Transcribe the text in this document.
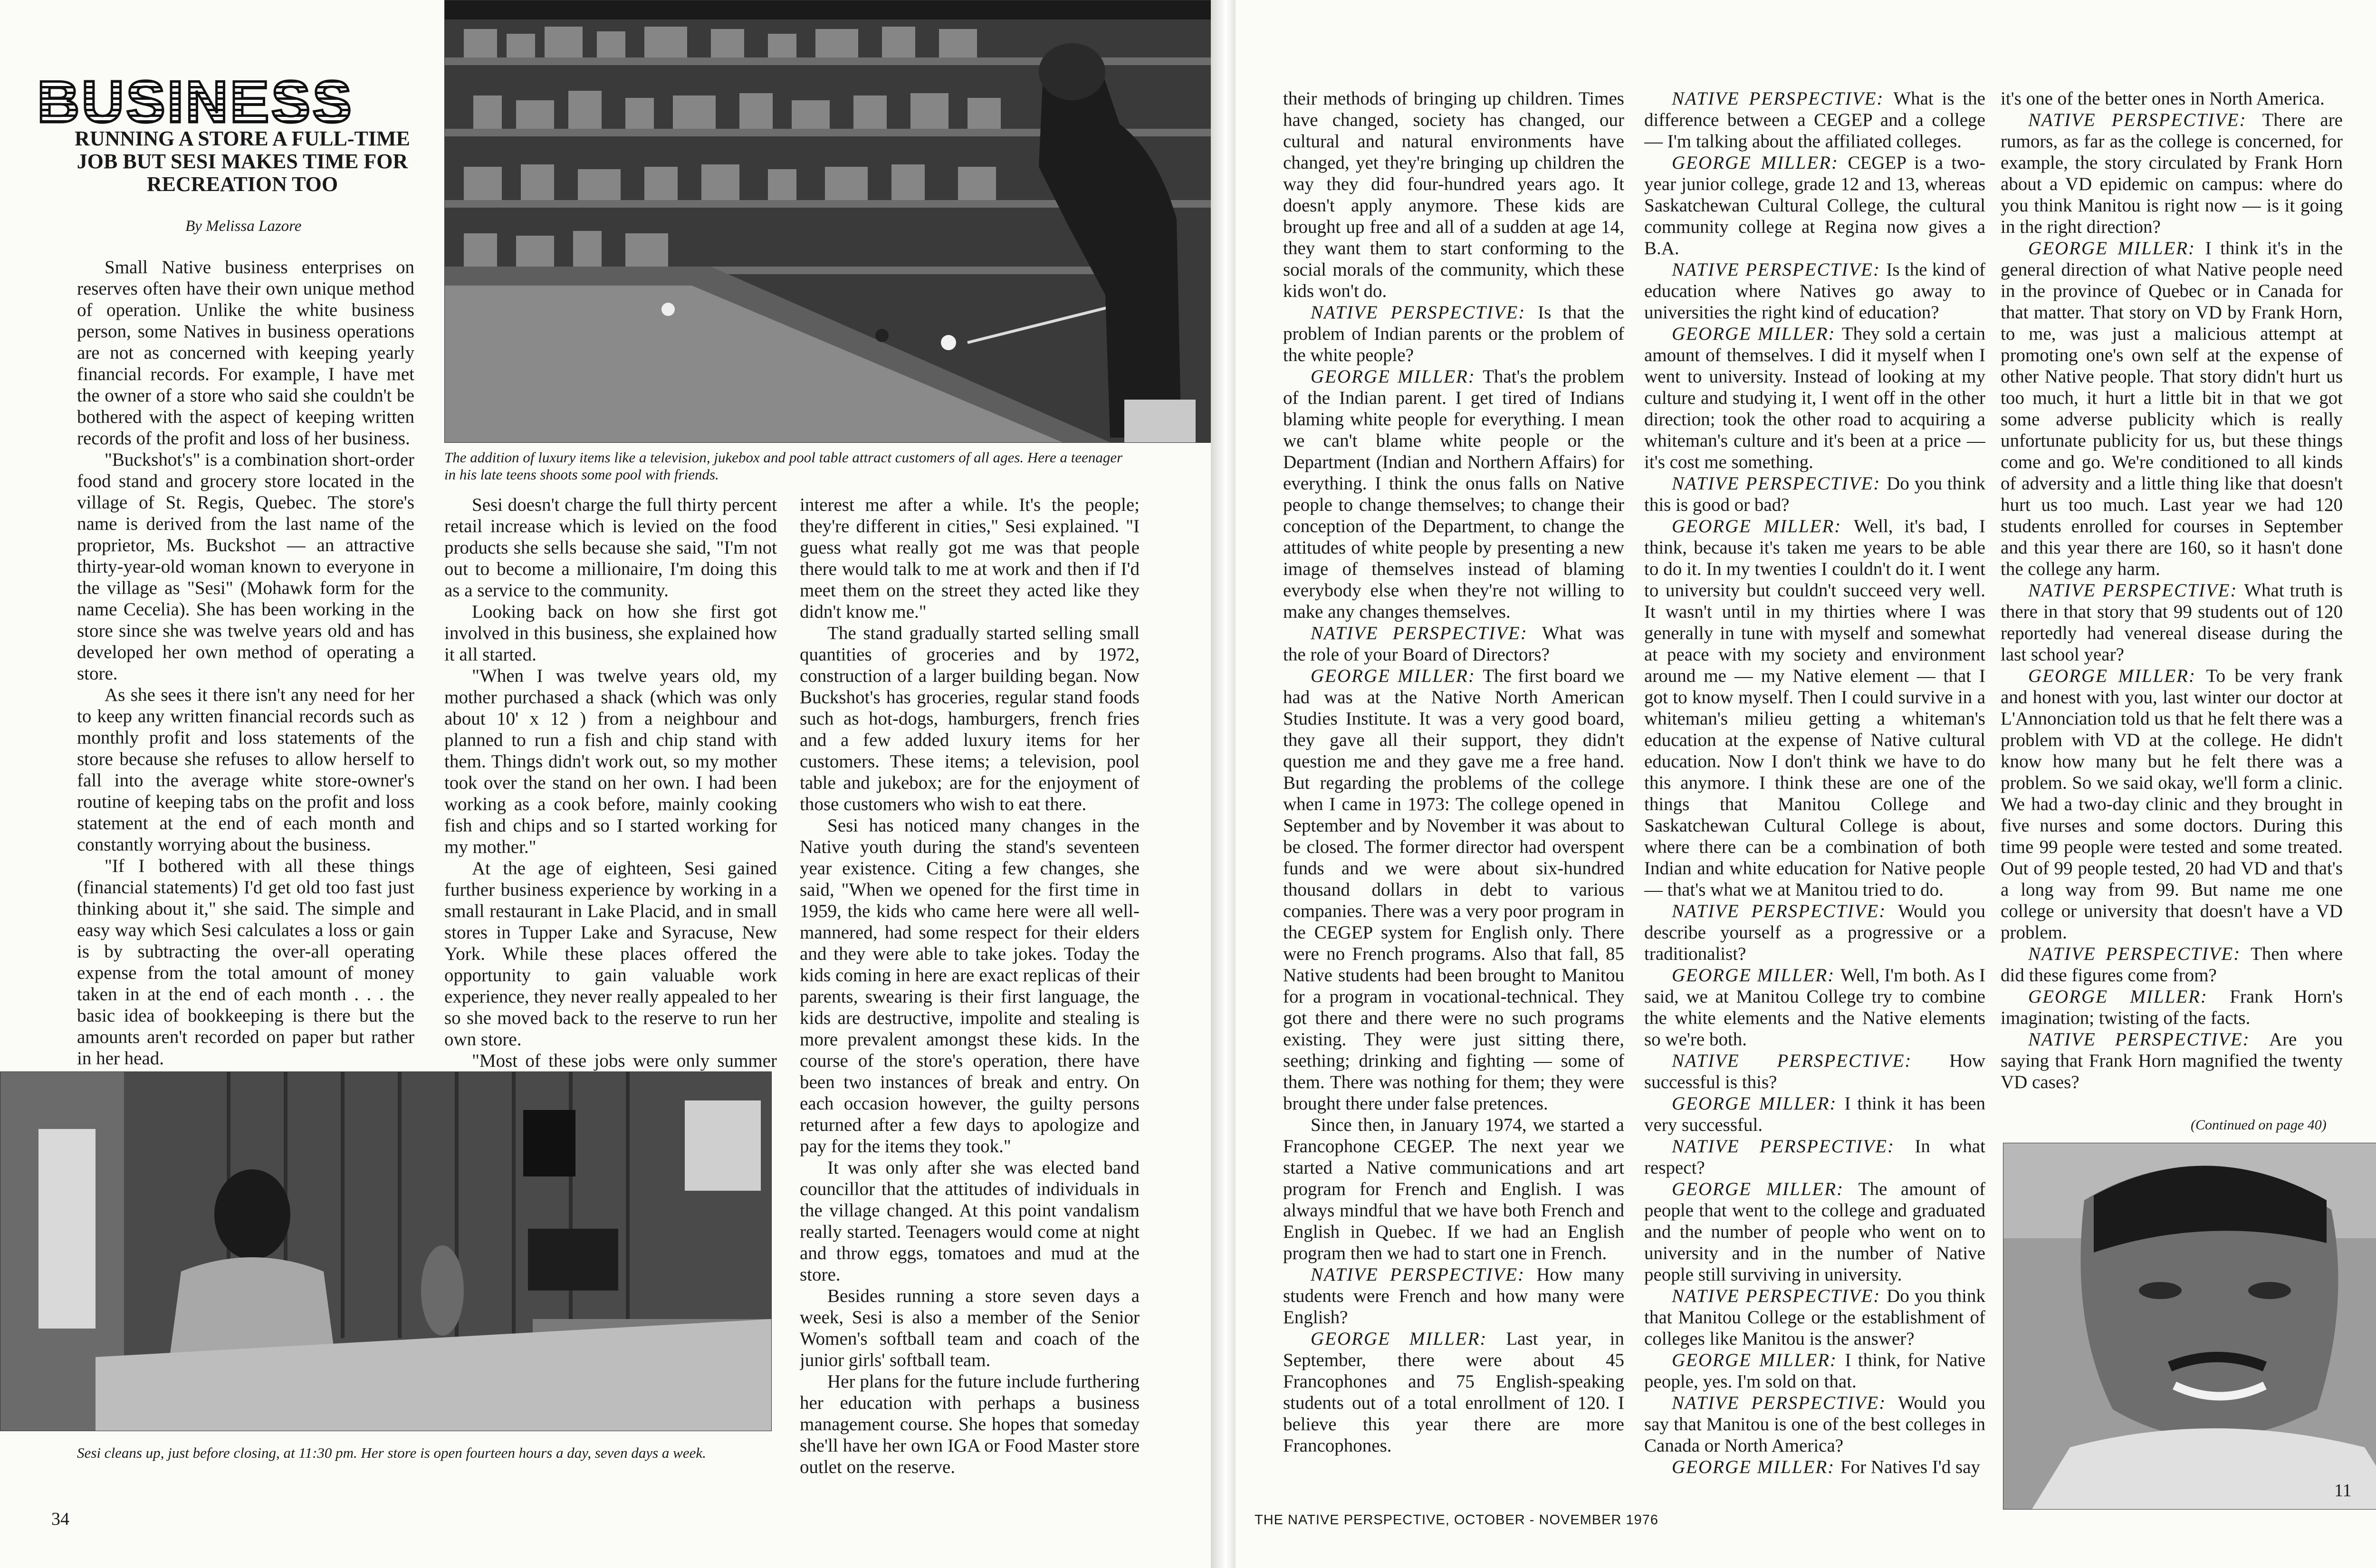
BUSINESS
RUNNING A STORE A FULL-TIME JOB BUT SESI MAKES TIME FOR RECREATION TOO
By Melissa Lazore

Small Native business enterprises on reserves often have their own unique method of operation. Unlike the white business person, some Natives in business operations are not as concerned with keeping yearly financial records. For example, I have met the owner of a store who said she couldn't be bothered with the aspect of keeping written records of the profit and loss of her business.

"Buckshot's" is a combination short-order food stand and grocery store located in the village of St. Regis, Quebec. The store's name is derived from the last name of the proprietor, Ms. Buckshot — an attractive thirty-year-old woman known to everyone in the village as "Sesi" (Mohawk form for the name Cecelia). She has been working in the store since she was twelve years old and has developed her own method of operating a store.

As she sees it there isn't any need for her to keep any written financial records such as monthly profit and loss statements of the store because she refuses to allow herself to fall into the average white store-owner's routine of keeping tabs on the profit and loss statement at the end of each month and constantly worrying about the business.

"If I bothered with all these things (financial statements) I'd get old too fast just thinking about it," she said. The simple and easy way which Sesi calculates a loss or gain is by subtracting the over-all operating expense from the total amount of money taken in at the end of each month . . . the basic idea of bookkeeping is there but the amounts aren't recorded on paper but rather in her head.

The addition of luxury items like a television, jukebox and pool table attract customers of all ages. Here a teenager in his late teens shoots some pool with friends.

Sesi doesn't charge the full thirty percent retail increase which is levied on the food products she sells because she said, "I'm not out to become a millionaire, I'm doing this as a service to the community.

Looking back on how she first got involved in this business, she explained how it all started.

"When I was twelve years old, my mother purchased a shack (which was only about 10' x 12 ) from a neighbour and planned to run a fish and chip stand with them. Things didn't work out, so my mother took over the stand on her own. I had been working as a cook before, mainly cooking fish and chips and so I started working for my mother."

At the age of eighteen, Sesi gained further business experience by working in a small restaurant in Lake Placid, and in small stores in Tupper Lake and Syracuse, New York. While these places offered the opportunity to gain valuable work experience, they never really appealed to her so she moved back to the reserve to run her own store.

"Most of these jobs were only summer

interest me after a while. It's the people; they're different in cities," Sesi explained. "I guess what really got me was that people there would talk to me at work and then if I'd meet them on the street they acted like they didn't know me."

The stand gradually started selling small quantities of groceries and by 1972, construction of a larger building began. Now Buckshot's has groceries, regular stand foods such as hot-dogs, hamburgers, french fries and a few added luxury items for her customers. These items; a television, pool table and jukebox; are for the enjoyment of those customers who wish to eat there.

Sesi has noticed many changes in the Native youth during the stand's seventeen year existence. Citing a few changes, she said, "When we opened for the first time in 1959, the kids who came here were all well-mannered, had some respect for their elders and they were able to take jokes. Today the kids coming in here are exact replicas of their parents, swearing is their first language, the kids are destructive, impolite and stealing is more prevalent amongst these kids. In the course of the store's operation, there have been two instances of break and entry. On each occasion however, the guilty persons returned after a few days to apologize and pay for the items they took."

It was only after she was elected band councillor that the attitudes of individuals in the village changed. At this point vandalism really started. Teenagers would come at night and throw eggs, tomatoes and mud at the store.

Besides running a store seven days a week, Sesi is also a member of the Senior Women's softball team and coach of the junior girls' softball team.

Her plans for the future include furthering her education with perhaps a business management course. She hopes that someday she'll have her own IGA or Food Master store outlet on the reserve.

Sesi cleans up, just before closing, at 11:30 pm. Her store is open fourteen hours a day, seven days a week.
34

their methods of bringing up children. Times have changed, society has changed, our cultural and natural environments have changed, yet they're bringing up children the way they did four-hundred years ago. It doesn't apply anymore. These kids are brought up free and all of a sudden at age 14, they want them to start conforming to the social morals of the community, which these kids won't do.

NATIVE PERSPECTIVE: Is that the problem of Indian parents or the problem of the white people?

GEORGE MILLER: That's the problem of the Indian parent. I get tired of Indians blaming white people for everything. I mean we can't blame white people or the Department (Indian and Northern Affairs) for everything. I think the onus falls on Native people to change themselves; to change their conception of the Department, to change the attitudes of white people by presenting a new image of themselves instead of blaming everybody else when they're not willing to make any changes themselves.

NATIVE PERSPECTIVE: What was the role of your Board of Directors?

GEORGE MILLER: The first board we had was at the Native North American Studies Institute. It was a very good board, they gave all their support, they didn't question me and they gave me a free hand. But regarding the problems of the college when I came in 1973: The college opened in September and by November it was about to be closed. The former director had overspent funds and we were about six-hundred thousand dollars in debt to various companies. There was a very poor program in the CEGEP system for English only. There were no French programs. Also that fall, 85 Native students had been brought to Manitou for a program in vocational-technical. They got there and there were no such programs existing. They were just sitting there, seething; drinking and fighting — some of them. There was nothing for them; they were brought there under false pretences.

Since then, in January 1974, we started a Francophone CEGEP. The next year we started a Native communications and art program for French and English. I was always mindful that we have both French and English in Quebec. If we had an English program then we had to start one in French.

NATIVE PERSPECTIVE: How many students were French and how many were English?

GEORGE MILLER: Last year, in September, there were about 45 Francophones and 75 English-speaking students out of a total enrollment of 120. I believe this year there are more Francophones.

NATIVE PERSPECTIVE: What is the difference between a CEGEP and a college — I'm talking about the affiliated colleges.

GEORGE MILLER: CEGEP is a two-year junior college, grade 12 and 13, whereas Saskatchewan Cultural College, the cultural community college at Regina now gives a B.A.

NATIVE PERSPECTIVE: Is the kind of education where Natives go away to universities the right kind of education?

GEORGE MILLER: They sold a certain amount of themselves. I did it myself when I went to university. Instead of looking at my culture and studying it, I went off in the other direction; took the other road to acquiring a whiteman's culture and it's been at a price — it's cost me something.

NATIVE PERSPECTIVE: Do you think this is good or bad?

GEORGE MILLER: Well, it's bad, I think, because it's taken me years to be able to do it. In my twenties I couldn't do it. I went to university but couldn't succeed very well. It wasn't until in my thirties where I was generally in tune with myself and somewhat at peace with my society and environment around me — my Native element — that I got to know myself. Then I could survive in a whiteman's milieu getting a whiteman's education at the expense of Native cultural education. Now I don't think we have to do this anymore. I think these are one of the things that Manitou College and Saskatchewan Cultural College is about, where there can be a combination of both Indian and white education for Native people — that's what we at Manitou tried to do.

NATIVE PERSPECTIVE: Would you describe yourself as a progressive or a traditionalist?

GEORGE MILLER: Well, I'm both. As I said, we at Manitou College try to combine the white elements and the Native elements so we're both.

NATIVE PERSPECTIVE: How successful is this?

GEORGE MILLER: I think it has been very successful.

NATIVE PERSPECTIVE: In what respect?

GEORGE MILLER: The amount of people that went to the college and graduated and the number of people who went on to university and in the number of Native people still surviving in university.

NATIVE PERSPECTIVE: Do you think that Manitou College or the establishment of colleges like Manitou is the answer?

GEORGE MILLER: I think, for Native people, yes. I'm sold on that.

NATIVE PERSPECTIVE: Would you say that Manitou is one of the best colleges in Canada or North America?

GEORGE MILLER: For Natives I'd say

it's one of the better ones in North America.

NATIVE PERSPECTIVE: There are rumors, as far as the college is concerned, for example, the story circulated by Frank Horn about a VD epidemic on campus: where do you think Manitou is right now — is it going in the right direction?

GEORGE MILLER: I think it's in the general direction of what Native people need in the province of Quebec or in Canada for that matter. That story on VD by Frank Horn, to me, was just a malicious attempt at promoting one's own self at the expense of other Native people. That story didn't hurt us too much, it hurt a little bit in that we got some adverse publicity which is really unfortunate publicity for us, but these things come and go. We're conditioned to all kinds of adversity and a little thing like that doesn't hurt us too much. Last year we had 120 students enrolled for courses in September and this year there are 160, so it hasn't done the college any harm.

NATIVE PERSPECTIVE: What truth is there in that story that 99 students out of 120 reportedly had venereal disease during the last school year?

GEORGE MILLER: To be very frank and honest with you, last winter our doctor at L'Annonciation told us that he felt there was a problem with VD at the college. He didn't know how many but he felt there was a problem. So we said okay, we'll form a clinic. We had a two-day clinic and they brought in five nurses and some doctors. During this time 99 people were tested and some treated. Out of 99 people tested, 20 had VD and that's a long way from 99. But name me one college or university that doesn't have a VD problem.

NATIVE PERSPECTIVE: Then where did these figures come from?

GEORGE MILLER: Frank Horn's imagination; twisting of the facts.

NATIVE PERSPECTIVE: Are you saying that Frank Horn magnified the twenty VD cases?

(Continued on page 40)
THE NATIVE PERSPECTIVE, OCTOBER - NOVEMBER 1976
11
